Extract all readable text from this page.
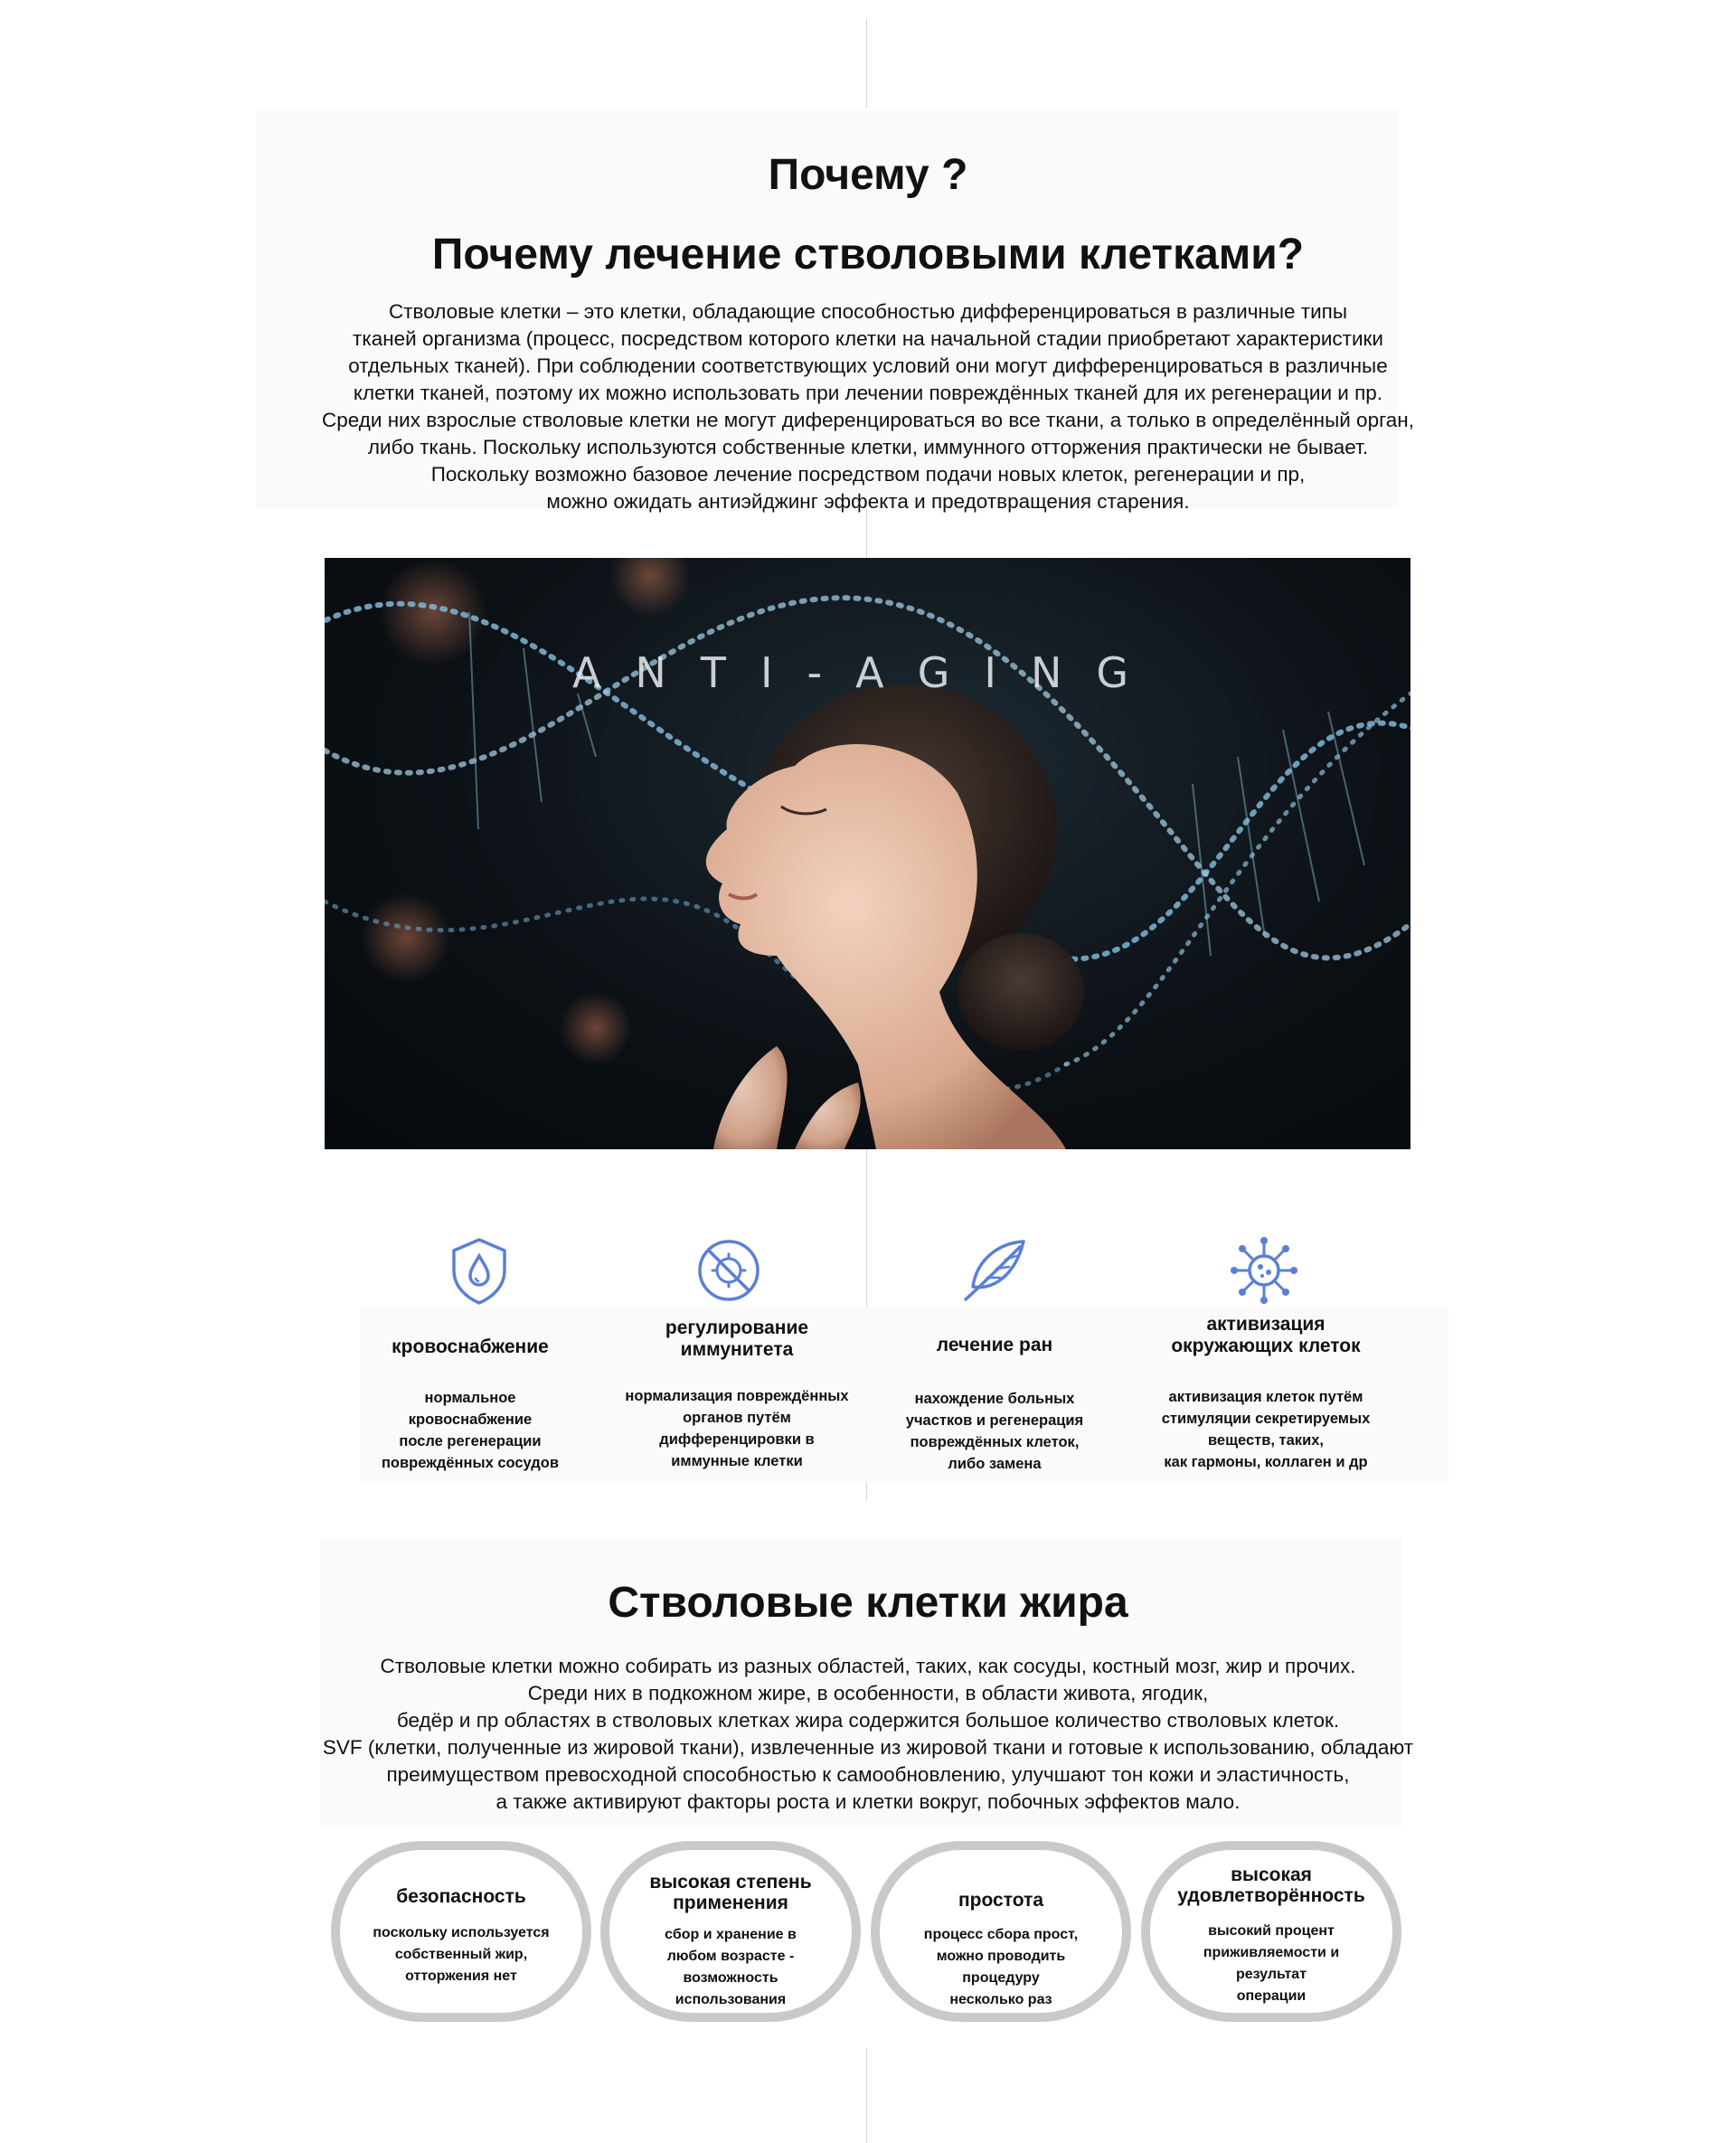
Почему ?
Почему лечение стволовыми клетками?
Стволовые клетки – это клетки, обладающие способностью дифференцироваться в различные типы
тканей организма (процесс, посредством которого клетки на начальной стадии приобретают характеристики
отдельных тканей). При соблюдении соответствующих условий они могут дифференцироваться в различные
клетки тканей, поэтому их можно использовать при лечении повреждённых тканей для их регенерации и пр.
Среди них взрослые стволовые клетки не могут диференцироваться во все ткани, а только в определённый орган,
либо ткань. Поскольку используются собственные клетки, иммунного отторжения практически не бывает.
Поскольку возможно базовое лечение посредством подачи новых клеток, регенерации и пр,
можно ожидать антиэйджинг эффекта и предотвращения старения.
ANTI-AGING
кровоснабжение
нормальное
кровоснабжение
после регенерации
повреждённых сосудов
регулирование
иммунитета
нормализация повреждённых
органов путём
дифференцировки в
иммунные клетки
лечение ран
нахождение больных
участков и регенерация
повреждённых клеток,
либо замена
активизация
окружающих клеток
активизация клеток путём
стимуляции секретируемых
веществ, таких,
как гармоны, коллаген и др
Стволовые клетки жира
Стволовые клетки можно собирать из разных областей, таких, как сосуды, костный мозг, жир и прочих.
Среди них в подкожном жире, в особенности, в области живота, ягодик,
бедёр и пр областях в стволовых клетках жира содержится большое количество стволовых клеток.
SVF (клетки, полученные из жировой ткани), извлеченные из жировой ткани и готовые к использованию, обладают
преимуществом превосходной способностью к самообновлению, улучшают тон кожи и эластичность,
а также активируют факторы роста и клетки вокруг, побочных эффектов мало.
безопасность
поскольку используется
собственный жир,
отторжения нет
высокая степень
применения
сбор и хранение в
любом возрасте -
возможность
использования
простота
процесс сбора прост,
можно проводить
процедуру
несколько раз
высокая
удовлетворённость
высокий процент
приживляемости и
результат
операции
